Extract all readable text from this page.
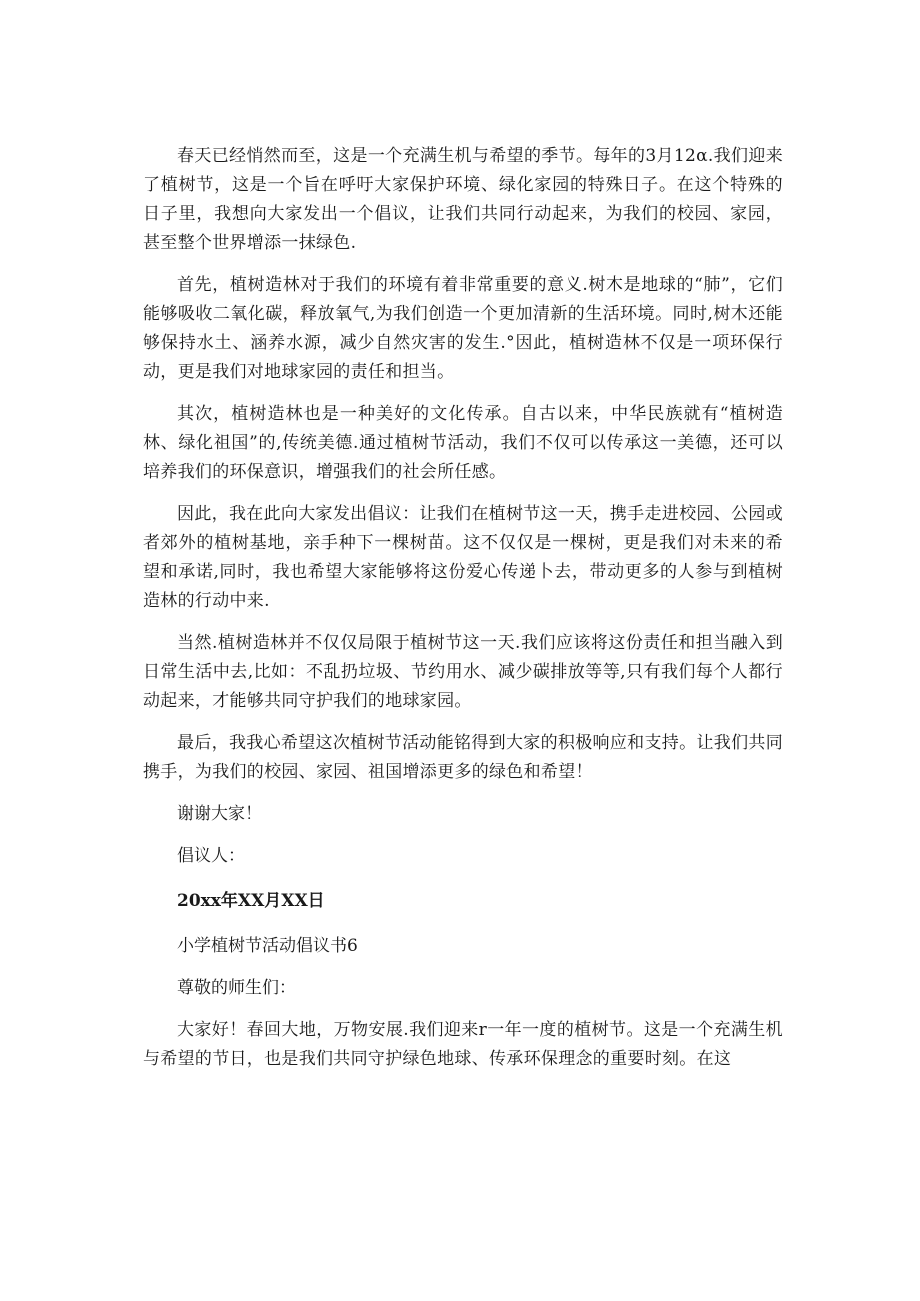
春天已经悄然而至，这是一个充满生机与希望的季节。每年的3月12α.我们迎来了植树节，这是一个旨在呼吁大家保护环境、绿化家园的特殊日子。在这个特殊的日子里，我想向大家发出一个倡议，让我们共同行动起来，为我们的校园、家园，甚至整个世界增添一抹绿色.

首先，植树造林对于我们的环境有着非常重要的意义.树木是地球的“肺”，它们能够吸收二氧化碳，释放氧气,为我们创造一个更加清新的生活环境。同时,树木还能够保持水土、涵养水源，减少自然灾害的发生.°因此，植树造林不仅是一项环保行动，更是我们对地球家园的责任和担当。

其次，植树造林也是一种美好的文化传承。自古以来，中华民族就有“植树造林、绿化祖国”的,传统美德.通过植树节活动，我们不仅可以传承这一美德，还可以培养我们的环保意识，增强我们的社会所任感。

因此，我在此向大家发出倡议：让我们在植树节这一天，携手走进校园、公园或者郊外的植树基地，亲手种下一棵树苗。这不仅仅是一棵树，更是我们对未来的希望和承诺,同时，我也希望大家能够将这份爱心传递卜去，带动更多的人参与到植树造林的行动中来.

当然.植树造林并不仅仅局限于植树节这一天.我们应该将这份责任和担当融入到日常生活中去,比如：不乱扔垃圾、节约用水、减少碳排放等等,只有我们每个人都行动起来，才能够共同守护我们的地球家园。

最后，我我心希望这次植树节活动能铭得到大家的积极响应和支持。让我们共同携手，为我们的校园、家园、祖国增添更多的绿色和希望！

谢谢大家！

倡议人：

20xx年XX月XX日

小学植树节活动倡议书6

尊敬的师生们：

大家好！春回大地，万物安展.我们迎来r一年一度的植树节。这是一个充满生机与希望的节日，也是我们共同守护绿色地球、传承环保理念的重要时刻。在这
